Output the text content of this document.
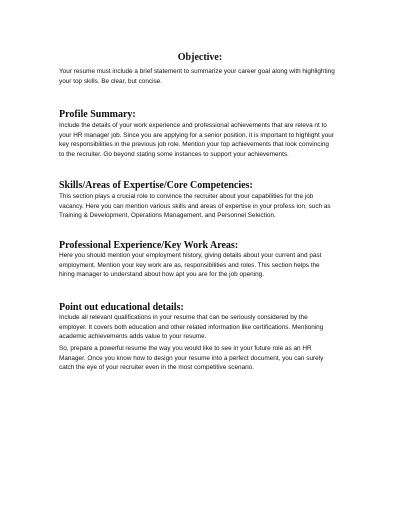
Objective:
Your resume must include a brief statement to summarize your career goal along with highlighting
your top skills. Be clear, but concise.
Profile Summary:
Include the details of your work experience and professional achievements that are releva nt to
your HR manager job. Since you are applying for a senior position, it is important to highlight your
key responsibilities in the previous job role. Mention your top achievements that look convincing
to the recruiter. Go beyond stating some instances to support your achievements.
Skills/Areas of Expertise/Core Competencies:
This section plays a crucial role to convince the recruiter about your capabilities for the job
vacancy. Here you can mention various skills and areas of expertise in your profess ion, such as
Training & Development, Operations Management, and Personnel Selection.
Professional Experience/Key Work Areas:
Here you should mention your employment history, giving details about your current and past
employment. Mention your key work are as, responsibilities and roles. This section helps the
hiring manager to understand about how apt you are for the job opening.
Point out educational details:
Include all relevant qualifications in your resume that can be seriously considered by the
employer. It covers both education and other related information like certifications. Mentioning
academic achievements adds value to your resume.
So, prepare a powerful resume the way you would like to see in your future role as an HR
Manager. Once you know how to design your resume into a perfect document, you can surely
catch the eye of your recruiter even in the most competitive scenario.
